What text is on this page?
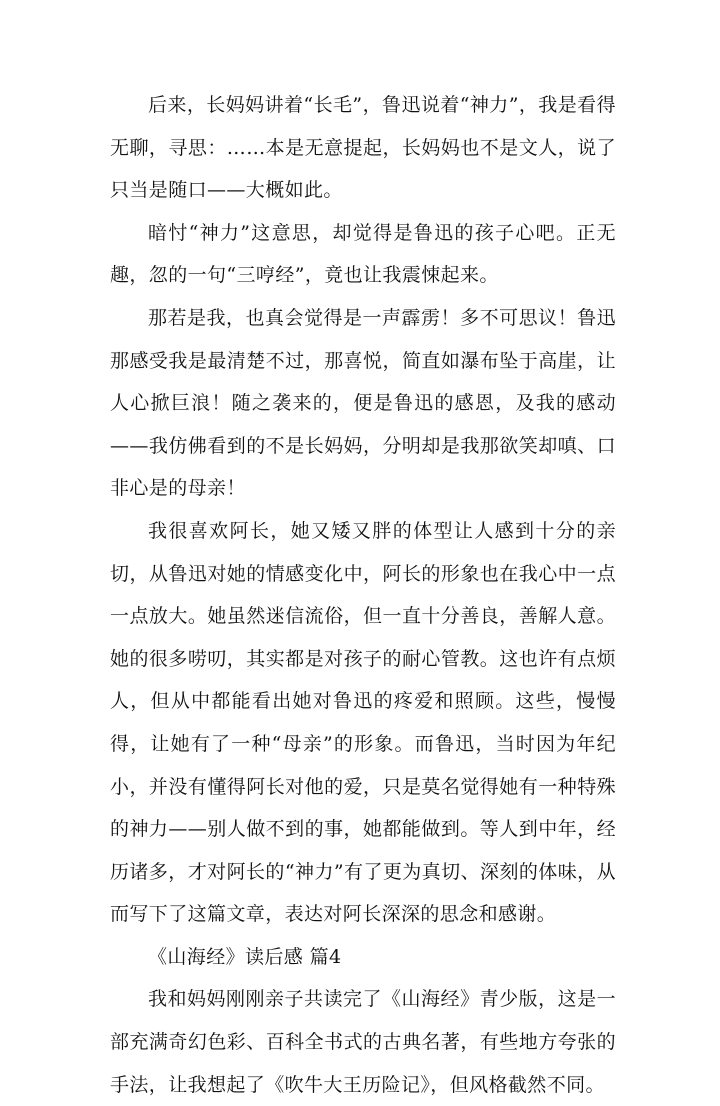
后来，长妈妈讲着“长毛”，鲁迅说着“神力”，我是看得无聊，寻思：……本是无意提起，长妈妈也不是文人，说了只当是随口——大概如此。

暗忖“神力”这意思，却觉得是鲁迅的孩子心吧。正无趣，忽的一句“三哼经”，竟也让我震悚起来。

那若是我，也真会觉得是一声霹雳！多不可思议！鲁迅那感受我是最清楚不过，那喜悦，简直如瀑布坠于高崖，让人心掀巨浪！随之袭来的，便是鲁迅的感恩，及我的感动——我仿佛看到的不是长妈妈，分明却是我那欲笑却嗔、口非心是的母亲！

我很喜欢阿长，她又矮又胖的体型让人感到十分的亲切，从鲁迅对她的情感变化中，阿长的形象也在我心中一点一点放大。她虽然迷信流俗，但一直十分善良，善解人意。她的很多唠叨，其实都是对孩子的耐心管教。这也许有点烦人，但从中都能看出她对鲁迅的疼爱和照顾。这些，慢慢得，让她有了一种“母亲”的形象。而鲁迅，当时因为年纪小，并没有懂得阿长对他的爱，只是莫名觉得她有一种特殊的神力——别人做不到的事，她都能做到。等人到中年，经历诸多，才对阿长的“神力”有了更为真切、深刻的体味，从而写下了这篇文章，表达对阿长深深的思念和感谢。

《山海经》读后感 篇4

我和妈妈刚刚亲子共读完了《山海经》青少版，这是一部充满奇幻色彩、百科全书式的古典名著，有些地方夸张的手法，让我想起了《吹牛大王历险记》，但风格截然不同。
